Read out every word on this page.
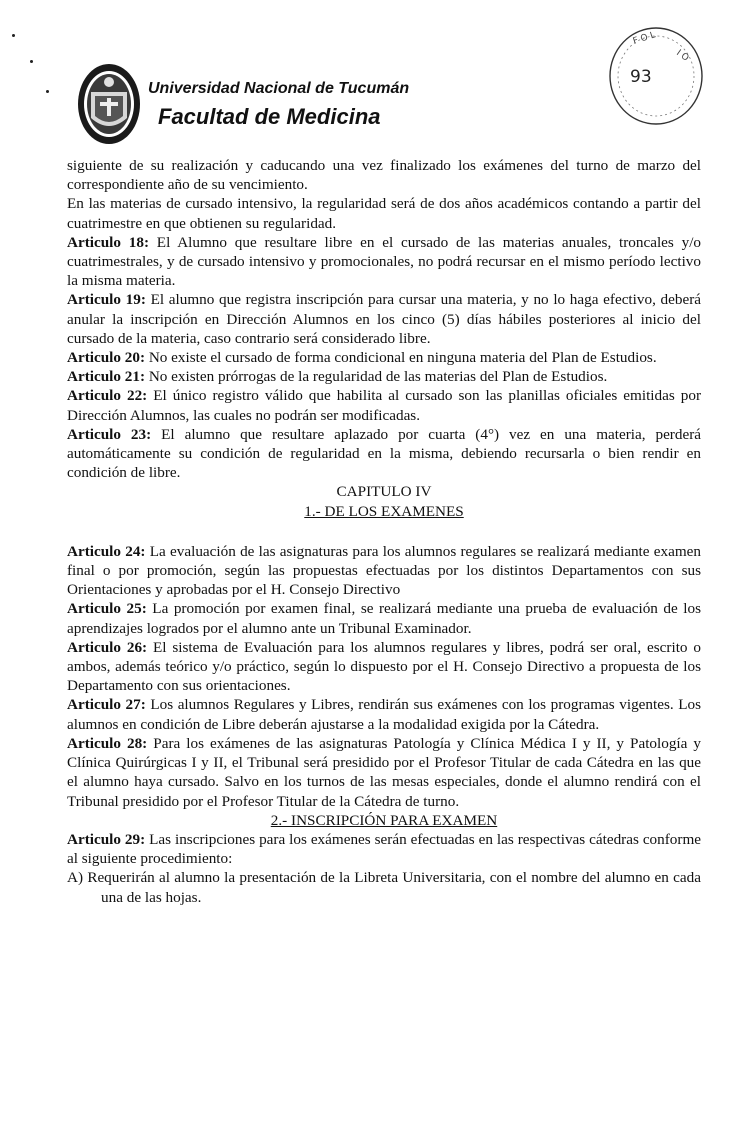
Universidad Nacional de Tucumán
Facultad de Medicina
F O L
I O
93

siguiente de su realización y caducando una vez finalizado los exámenes del turno de marzo del correspondiente año de su vencimiento.

En las materias de cursado intensivo, la regularidad será de dos años académicos contando a partir del cuatrimestre en que obtienen su regularidad.

Articulo 18: El Alumno que resultare libre en el cursado de las materias anuales, troncales y/o cuatrimestrales, y de cursado intensivo y promocionales, no podrá recursar en el mismo período lectivo la misma materia.

Articulo 19: El alumno que registra inscripción para cursar una materia, y no lo haga efectivo, deberá anular la inscripción en Dirección Alumnos en los cinco (5) días hábiles posteriores al inicio del cursado de la materia, caso contrario será considerado libre.

Articulo 20: No existe el cursado de forma condicional en ninguna materia del Plan de Estudios.

Articulo 21: No existen prórrogas de la regularidad de las materias del Plan de Estudios.

Articulo 22: El único registro válido que habilita al cursado son las planillas oficiales emitidas por Dirección Alumnos, las cuales no podrán ser modificadas.

Articulo 23: El alumno que resultare aplazado por cuarta (4°) vez en una materia, perderá automáticamente su condición de regularidad en la misma, debiendo recursarla o bien rendir en condición de libre.

CAPITULO IV

1.- DE LOS EXAMENES

Articulo 24: La evaluación de las asignaturas para los alumnos regulares se realizará mediante examen final o por promoción, según las propuestas efectuadas por los distintos Departamentos con sus Orientaciones y aprobadas por el H. Consejo Directivo

Articulo 25: La promoción por examen final, se realizará mediante una prueba de evaluación de los aprendizajes logrados por el alumno ante un Tribunal Examinador.

Articulo 26: El sistema de Evaluación para los alumnos regulares y libres, podrá ser oral, escrito o ambos, además teórico y/o práctico, según lo dispuesto por el H. Consejo Directivo a propuesta de los Departamento con sus orientaciones.

Articulo 27: Los alumnos Regulares y Libres, rendirán sus exámenes con los programas vigentes. Los alumnos en condición de Libre deberán ajustarse a la modalidad exigida por la Cátedra.

Articulo 28: Para los exámenes de las asignaturas Patología y Clínica Médica I y II, y Patología y Clínica Quirúrgicas I y II, el Tribunal será presidido por el Profesor Titular de cada Cátedra en las que el alumno haya cursado. Salvo en los turnos de las mesas especiales, donde el alumno rendirá con el Tribunal presidido por el Profesor Titular de la Cátedra de turno.

2.- INSCRIPCIÓN PARA EXAMEN

Articulo 29: Las inscripciones para los exámenes serán efectuadas en las respectivas cátedras conforme al siguiente procedimiento:

A) Requerirán al alumno la presentación de la Libreta Universitaria, con el nombre del alumno en cada una de las hojas.
